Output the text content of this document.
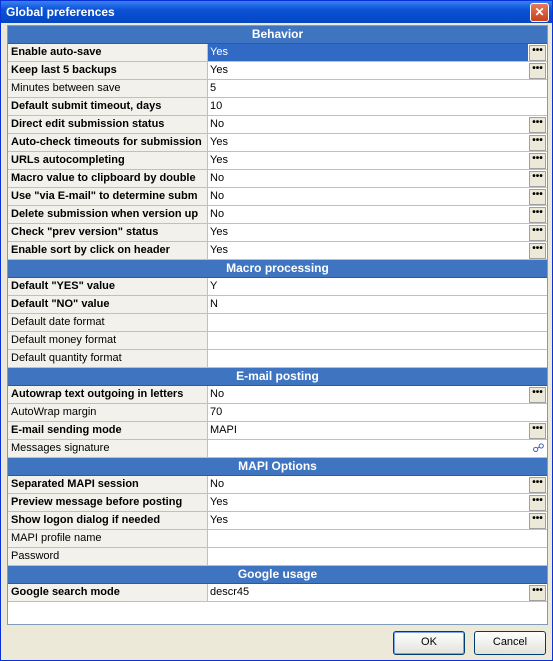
Global preferences	✕
Behavior
Enable auto-save	Yes	•••
Keep last 5 backups	Yes	•••
Minutes between save	5
Default submit timeout, days	10
Direct edit submission status	No	•••
Auto-check timeouts for submission Yes	•••
URLs autocompleting	Yes	•••
Macro value to clipboard by double	No	•••
Use "via E-mail" to determine subm	No	•••
Delete submission when version up	No	•••
Check "prev version" status	Yes	•••
Enable sort by click on header	Yes	•••
Macro processing
Default "YES" value	Y
Default "NO" value	N
Default date format
Default money format
Default quantity format
E-mail posting
Autowrap text outgoing in letters	No	•••
AutoWrap margin	70
E-mail sending mode	MAPI	•••
Messages signature	☍
MAPI Options
Separated MAPI session	No	•••
Preview message before posting	Yes	•••
Show logon dialog if needed	Yes	•••
MAPI profile name
Password
Google usage
Google search mode	descr45	•••
OK	Cancel
